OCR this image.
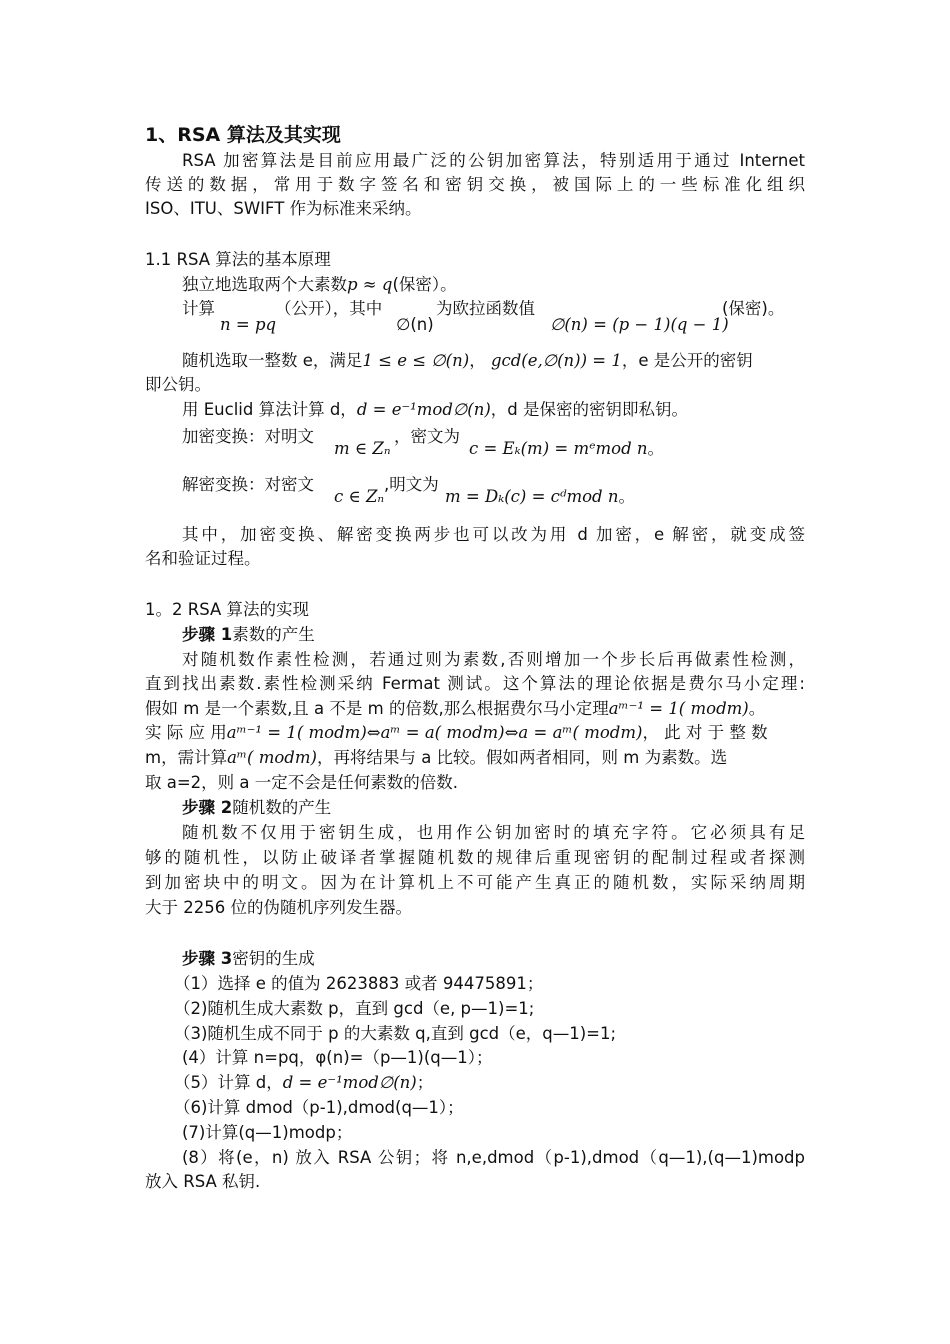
1、RSA 算法及其实现
RSA 加密算法是目前应用最广泛的公钥加密算法，特别适用于通过 Internet
传送的数据，常用于数字签名和密钥交换，被国际上的一些标准化组织
ISO、ITU、SWIFT 作为标准来采纳。
1.1 RSA 算法的基本原理
独立地选取两个大素数p ≈ q(保密）。
计算
n = pq
（公开），其中
∅(n)
为欧拉函数值
∅(n) = (p − 1)(q − 1)
(保密)。
随机选取一整数 e，满足1 ≤ e ≤ ∅(n)， gcd(e,∅(n)) = 1，e 是公开的密钥
即公钥。
用 Euclid 算法计算 d，d = e⁻¹mod∅(n)，d 是保密的密钥即私钥。
加密变换：对明文
m ∈ Zₙ
，密文为
c = Eₖ(m) = mᵉmod n。
解密变换：对密文
c ∈ Zₙ
,明文为
m = Dₖ(c) = cᵈmod n。
其中，加密变换、解密变换两步也可以改为用 d 加密，e 解密，就变成签
名和验证过程。
1。2 RSA 算法的实现
步骤 1素数的产生
对随机数作素性检测，若通过则为素数,否则增加一个步长后再做素性检测，
直到找出素数.素性检测采纳 Fermat 测试。这个算法的理论依据是费尔马小定理:
假如 m 是一个素数,且 a 不是 m 的倍数,那么根据费尔马小定理aᵐ⁻¹ = 1( modm)。
实 际 应 用aᵐ⁻¹ = 1( modm)⇔aᵐ = a( modm)⇔a = aᵐ( modm)， 此 对 于 整 数
m，需计算aᵐ( modm)，再将结果与 a 比较。假如两者相同，则 m 为素数。选
取 a=2，则 a 一定不会是任何素数的倍数.
步骤 2随机数的产生
随机数不仅用于密钥生成，也用作公钥加密时的填充字符。它必须具有足
够的随机性，以防止破译者掌握随机数的规律后重现密钥的配制过程或者探测
到加密块中的明文。因为在计算机上不可能产生真正的随机数，实际采纳周期
大于 2256 位的伪随机序列发生器。
步骤 3密钥的生成
（1）选择 e 的值为 2623883 或者 94475891；
（2)随机生成大素数 p，直到 gcd（e, p—1)=1;
（3)随机生成不同于 p 的大素数 q,直到 gcd（e，q—1)=1;
(4）计算 n=pq，φ(n)=（p—1)(q—1）；
（5）计算 d，d = e⁻¹mod∅(n)；
（6)计算 dmod（p-1),dmod(q—1）；
(7)计算(q—1)modp；
(8）将(e，n) 放入 RSA 公钥；将 n,e,dmod（p-1),dmod（q—1),(q—1)modp
放入 RSA 私钥.
